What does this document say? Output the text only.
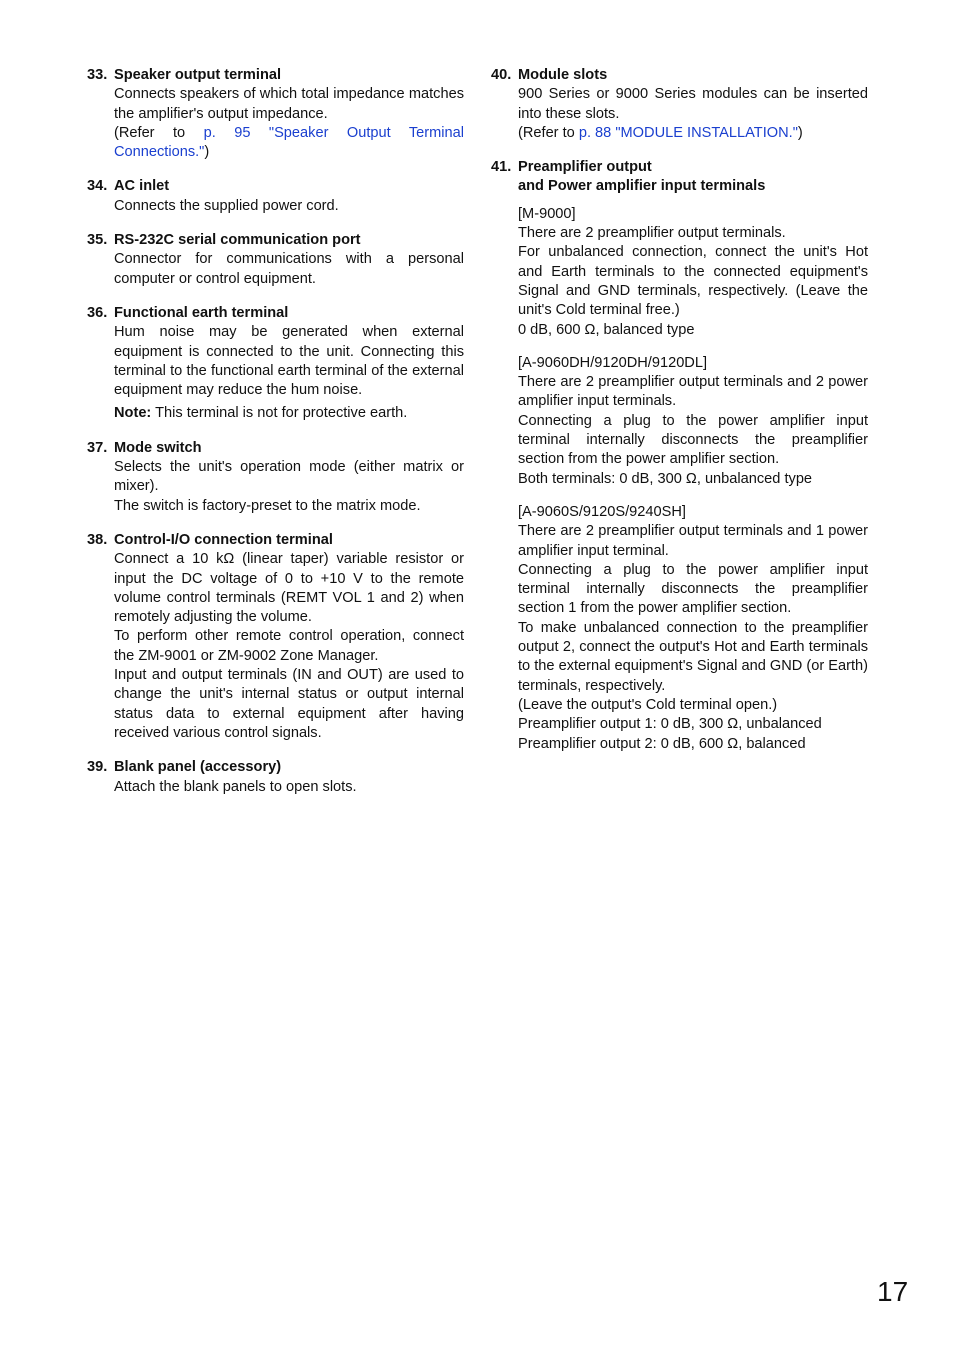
33. Speaker output terminal

Connects speakers of which total impedance matches the amplifier's output impedance.

(Refer to p. 95 "Speaker Output Terminal Connections.")

34. AC inlet

Connects the supplied power cord.

35. RS-232C serial communication port

Connector for communications with a personal computer or control equipment.

36. Functional earth terminal

Hum noise may be generated when external equipment is connected to the unit. Connecting this terminal to the functional earth terminal of the external equipment may reduce the hum noise.

Note: This terminal is not for protective earth.

37. Mode switch

Selects the unit's operation mode (either matrix or mixer).

The switch is factory-preset to the matrix mode.

38. Control-I/O connection terminal

Connect a 10 kΩ (linear taper) variable resistor or input the DC voltage of 0 to +10 V to the remote volume control terminals (REMT VOL 1 and 2) when remotely adjusting the volume.

To perform other remote control operation, connect the ZM-9001 or ZM-9002 Zone Manager.

Input and output terminals (IN and OUT) are used to change the unit's internal status or output internal status data to external equipment after having received various control signals.

39. Blank panel (accessory)

Attach the blank panels to open slots.

40. Module slots

900 Series or 9000 Series modules can be inserted into these slots.

(Refer to p. 88 "MODULE INSTALLATION.")

41. Preamplifier output
and Power amplifier input terminals

[M-9000]

There are 2 preamplifier output terminals.

For unbalanced connection, connect the unit's Hot and Earth terminals to the connected equipment's Signal and GND terminals, respectively. (Leave the unit's Cold terminal free.)

0 dB, 600 Ω, balanced type

[A-9060DH/9120DH/9120DL]

There are 2 preamplifier output terminals and 2 power amplifier input terminals.

Connecting a plug to the power amplifier input terminal internally disconnects the preamplifier section from the power amplifier section.

Both terminals: 0 dB, 300 Ω, unbalanced type

[A-9060S/9120S/9240SH]

There are 2 preamplifier output terminals and 1 power amplifier input terminal.

Connecting a plug to the power amplifier input terminal internally disconnects the preamplifier section 1 from the power amplifier section.

To make unbalanced connection to the preamplifier output 2, connect the output's Hot and Earth terminals to the external equipment's Signal and GND (or Earth) terminals, respectively.

(Leave the output's Cold terminal open.)

Preamplifier output 1: 0 dB, 300 Ω, unbalanced

Preamplifier output 2: 0 dB, 600 Ω, balanced

17
